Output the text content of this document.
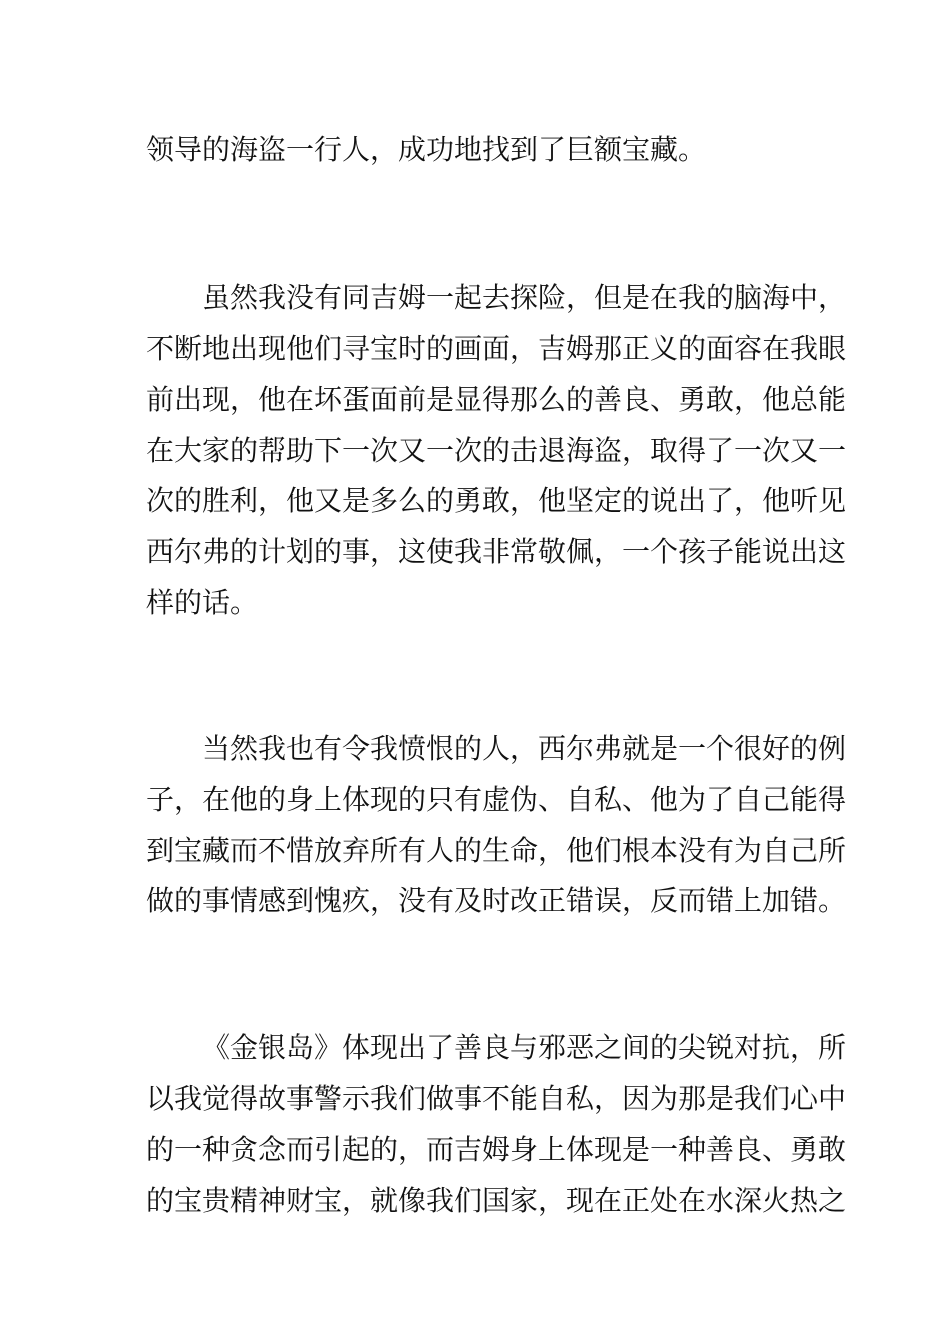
领导的海盗一行人，成功地找到了巨额宝藏。

虽然我没有同吉姆一起去探险，但是在我的脑海中，

不断地出现他们寻宝时的画面，吉姆那正义的面容在我眼

前出现，他在坏蛋面前是显得那么的善良、勇敢，他总能

在大家的帮助下一次又一次的击退海盗，取得了一次又一

次的胜利，他又是多么的勇敢，他坚定的说出了，他听见

西尔弗的计划的事，这使我非常敬佩，一个孩子能说出这

样的话。

当然我也有令我愤恨的人，西尔弗就是一个很好的例

子，在他的身上体现的只有虚伪、自私、他为了自己能得

到宝藏而不惜放弃所有人的生命，他们根本没有为自己所

做的事情感到愧疚，没有及时改正错误，反而错上加错。

《金银岛》体现出了善良与邪恶之间的尖锐对抗，所

以我觉得故事警示我们做事不能自私，因为那是我们心中

的一种贪念而引起的，而吉姆身上体现是一种善良、勇敢

的宝贵精神财宝，就像我们国家，现在正处在水深火热之
